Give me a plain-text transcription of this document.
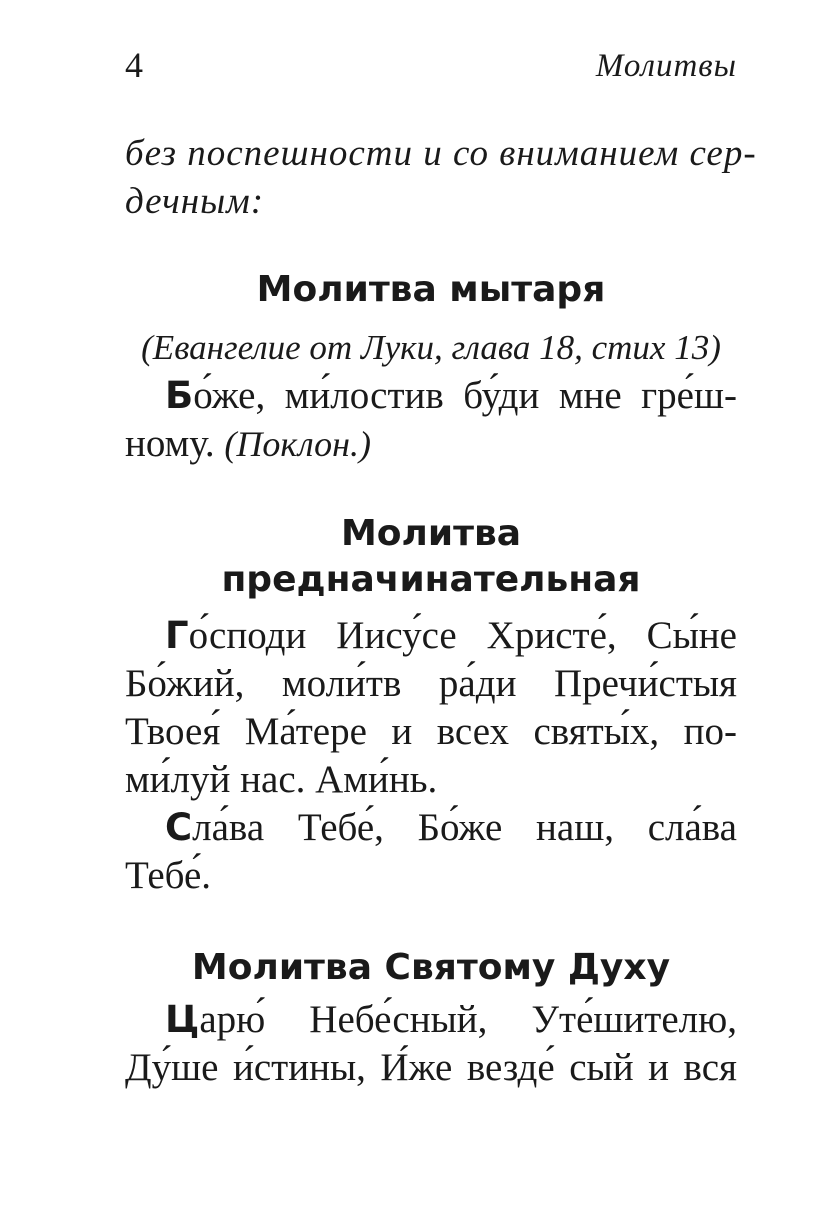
4	Молитвы
без поспешности и со вниманием сер-
дечным:
Молитва мытаря
(Евангелие от Луки, глава 18, стих 13)
Бо́же, ми́лостив бу́ди мне гре́ш-
ному. (Поклон.)
Молитва
предначинательная
Го́споди Иису́се Христе́, Сы́не
Бо́жий, моли́тв ра́ди Пречи́стыя
Твоея́ Ма́тере и всех святы́х, по-
ми́луй нас. Ами́нь.
Сла́ва Тебе́, Бо́же наш, сла́ва
Тебе́.
Молитва Святому Духу
Царю́ Небе́сный, Уте́шителю,
Ду́ше и́стины, И́же везде́ сый и вся
